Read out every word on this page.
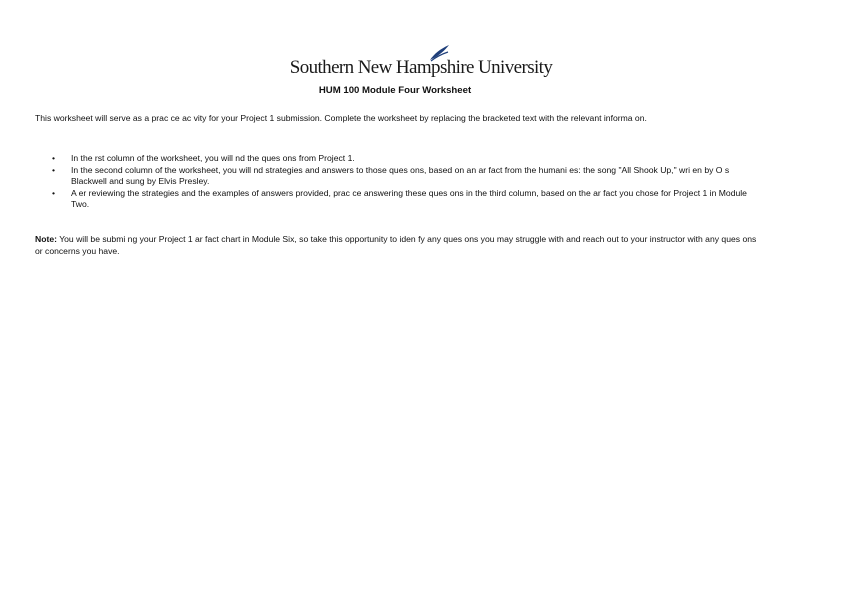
Southern New Hampshire University
HUM 100 Module Four Worksheet
This worksheet will serve as a prac ce ac vity for your Project 1 submission. Complete the worksheet by replacing the bracketed text with the relevant informa on.
• In the rst column of the worksheet, you will nd the ques ons from Project 1.
• In the second column of the worksheet, you will nd strategies and answers to those ques ons, based on an ar fact from the humani es: the song "All Shook Up," wri en by O s Blackwell and sung by Elvis Presley.
• A er reviewing the strategies and the examples of answers provided, prac ce answering these ques ons in the third column, based on the ar fact you chose for Project 1 in Module Two.
Note: You will be submi ng your Project 1 ar fact chart in Module Six, so take this opportunity to iden fy any ques ons you may struggle with and reach out to your instructor with any ques ons or concerns you have.
